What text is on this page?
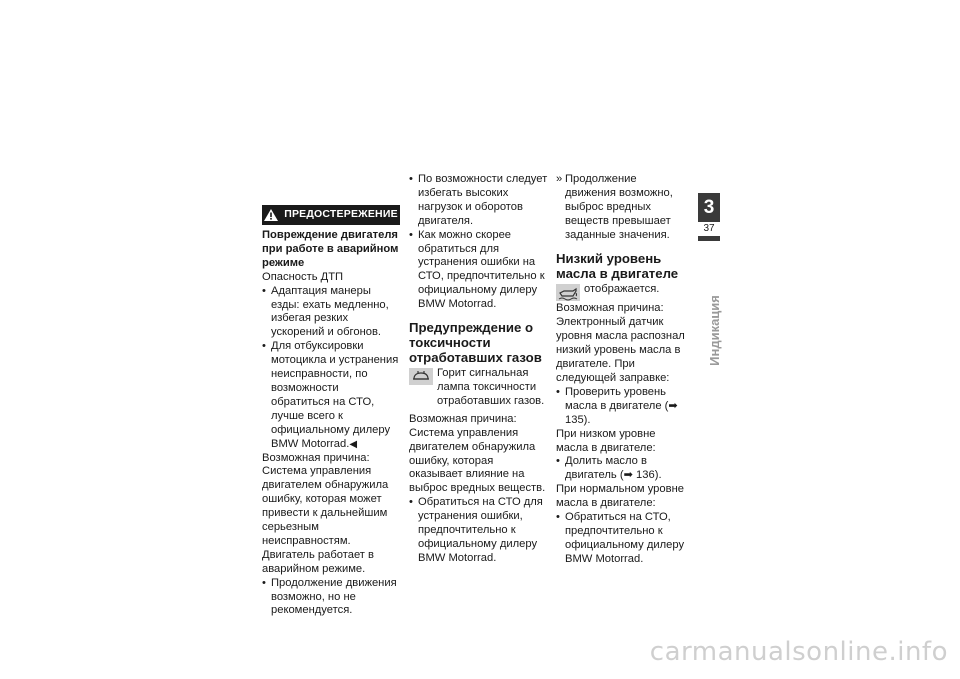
ПРЕДОСТЕРЕЖЕНИЕ

Повреждение двигателя при работе в аварийном режиме

Опасность ДТП

• Адаптация манеры езды: ехать медленно, избегая резких ускорений и обгонов.
• Для отбуксировки мотоцикла и устранения неисправности, по возможности обратиться на СТО, лучше всего к официальному дилеру BMW Motorrad.◀

Возможная причина:

Система управления двигателем обнаружила ошибку, которая может привести к дальнейшим серьезным неисправностям. Двигатель работает в аварийном режиме.

• Продолжение движения возможно, но не рекомендуется.
• По возможности следует избегать высоких нагрузок и оборотов двигателя.
• Как можно скорее обратиться для устранения ошибки на СТО, предпочтительно к официальному дилеру BMW Motorrad.
Предупреждение о токсичности отработавших газов

Горит сигнальная лампа токсичности отработавших газов.

Возможная причина:

Система управления двигателем обнаружила ошибку, которая оказывает влияние на выброс вредных веществ.

• Обратиться на СТО для устранения ошибки, предпочтительно к официальному дилеру BMW Motorrad.

» Продолжение движения возможно, выброс вредных веществ превышает заданные значения.

Низкий уровень масла в двигателе

отображается.

Возможная причина:

Электронный датчик уровня масла распознал низкий уровень масла в двигателе. При следующей заправке:

• Проверить уровень масла в двигателе (➡ 135).

При низком уровне масла в двигателе:

• Долить масло в двигатель (➡ 136).

При нормальном уровне масла в двигателе:

• Обратиться на СТО, предпочтительно к официальному дилеру BMW Motorrad.
3
37
Индикация
carmanualsonline.info
